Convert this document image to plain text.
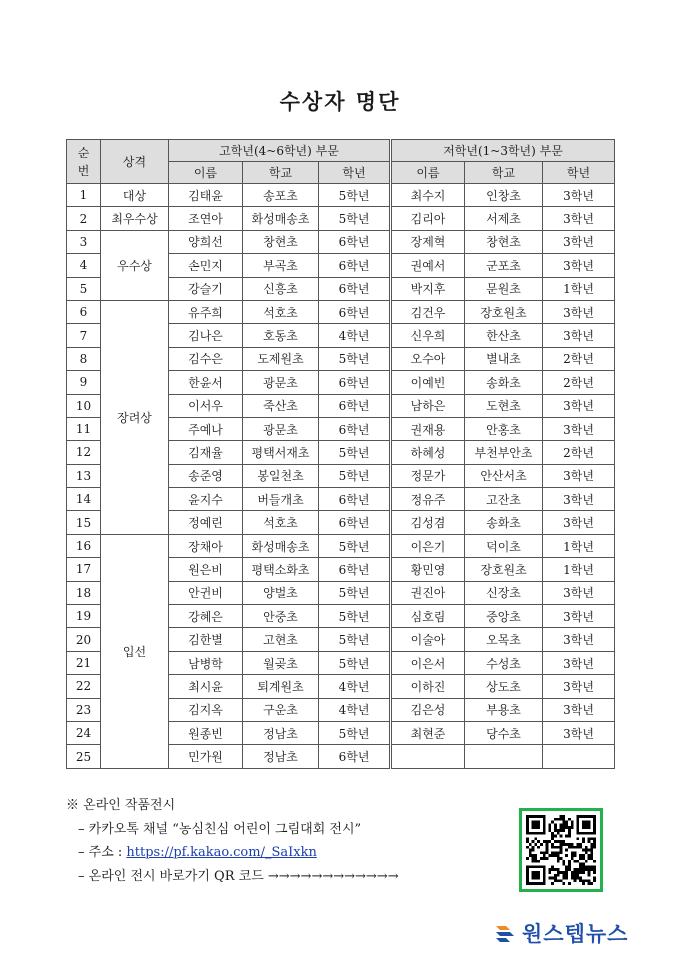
수상자 명단
순
번	상격	고학년(4~6학년) 부문			저학년(1~3학년) 부문		
		이름	학교	학년	이름	학교	학년
1	대상	김태윤	송포초	5학년	최수지	인창초	3학년
2	최우수상	조연아	화성매송초	5학년	김리아	서제초	3학년
3	우수상	양희선	창현초	6학년	장제혁	창현초	3학년
4		손민지	부곡초	6학년	권예서	군포초	3학년
5		강슬기	신흥초	6학년	박지후	문원초	1학년
6	장려상	유주희	석호초	6학년	김건우	장호원초	3학년
7		김나은	호동초	4학년	신우희	한산초	3학년
8		김수은	도제원초	5학년	오수아	별내초	2학년
9		한윤서	광문초	6학년	이예빈	송화초	2학년
10		이서우	죽산초	6학년	남하은	도현초	3학년
11		주예나	광문초	6학년	권재용	안홍초	3학년
12		김재율	평택서재초	5학년	하혜성	부천부안초	2학년
13		송준영	봉일천초	5학년	정문가	안산서초	3학년
14		윤지수	버들개초	6학년	정유주	고잔초	3학년
15		정예린	석호초	6학년	김성겸	송화초	3학년
16	입선	장채아	화성매송초	5학년	이은기	덕이초	1학년
17		원은비	평택소화초	6학년	황민영	장호원초	1학년
18		안귄비	양벌초	5학년	권진아	신장초	3학년
19		강혜은	안중초	5학년	심호림	중앙초	3학년
20		김한별	고현초	5학년	이술아	오목초	3학년
21		남병학	월곶초	5학년	이은서	수성초	3학년
22		최시윤	퇴계원초	4학년	이하진	상도초	3학년
23		김지옥	구운초	4학년	김은성	부용초	3학년
24		원종빈	정남초	5학년	최현준	당수초	3학년
25		민가원	정남초	6학년			
※ 온라인 작품전시
– 카카오톡 채널 “농심친심 어린이 그림대회 전시”
– 주소 : https://pf.kakao.com/_SaIxkn
– 온라인 전시 바로가기 QR 코드 →→→→→→→→→→→→
원스텝뉴스
